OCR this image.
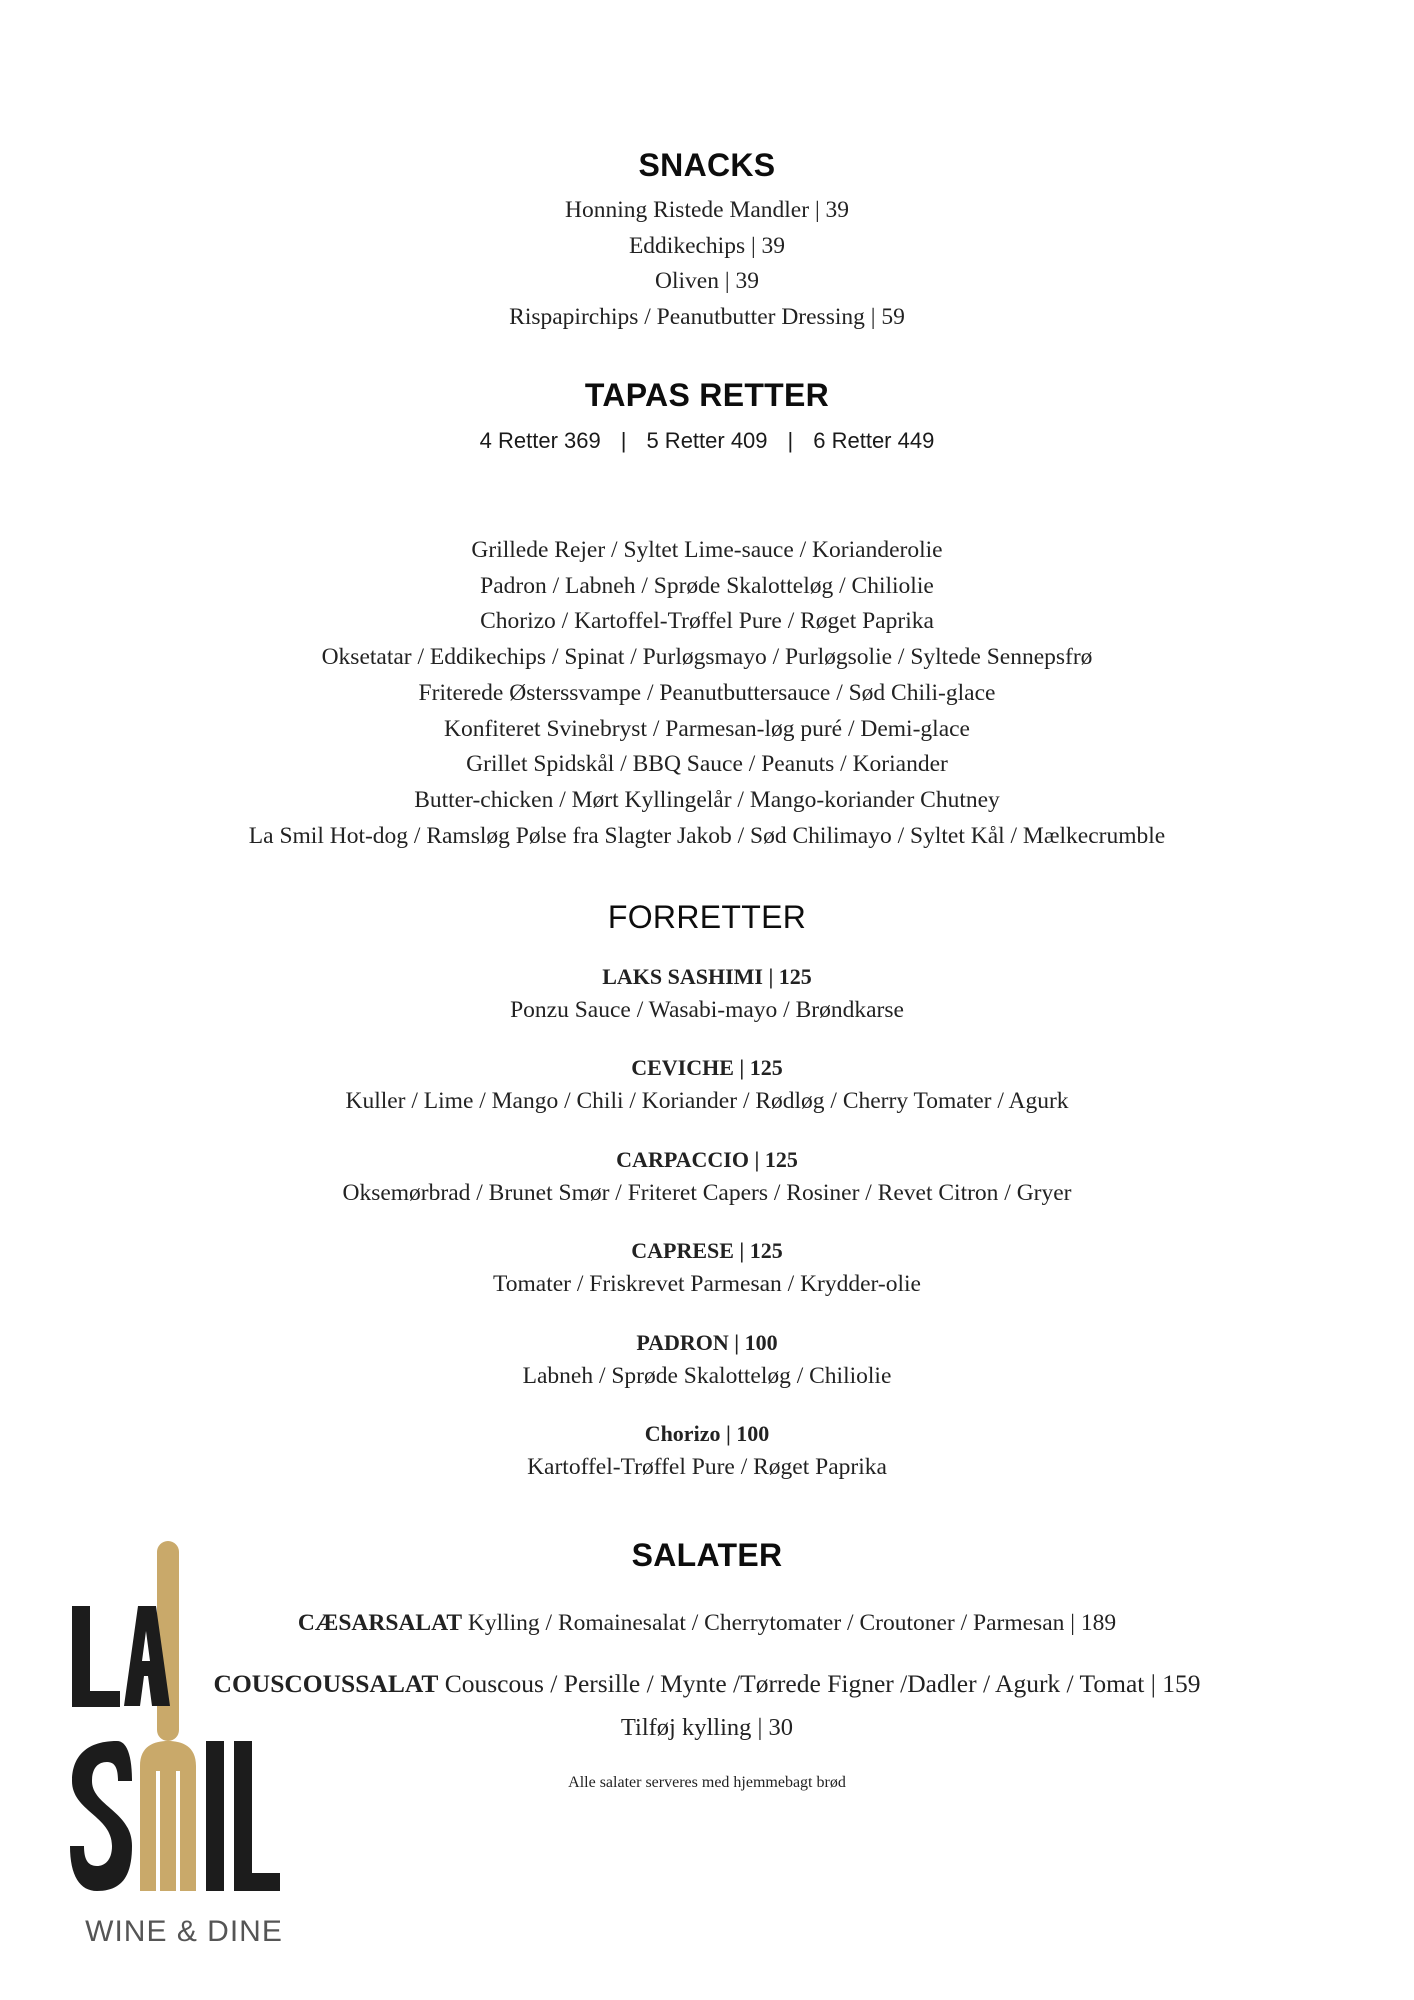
SNACKS
Honning Ristede Mandler | 39
Eddikechips | 39
Oliven | 39
Rispapirchips / Peanutbutter Dressing | 59
TAPAS RETTER
4 Retter 369 | 5 Retter 409 | 6 Retter 449
Grillede Rejer / Syltet Lime-sauce / Korianderolie
Padron / Labneh / Sprøde Skalotteløg / Chiliolie
Chorizo / Kartoffel-Trøffel Pure / Røget Paprika
Oksetatar / Eddikechips / Spinat / Purløgsmayo / Purløgsolie / Syltede Sennepsfrø
Friterede Østerssvampe / Peanutbuttersauce / Sød Chili-glace
Konfiteret Svinebryst / Parmesan-løg puré / Demi-glace
Grillet Spidskål / BBQ Sauce / Peanuts / Koriander
Butter-chicken / Mørt Kyllingelår / Mango-koriander Chutney
La Smil Hot-dog / Ramsløg Pølse fra Slagter Jakob / Sød Chilimayo / Syltet Kål / Mælkecrumble
FORRETTER
LAKS SASHIMI | 125
Ponzu Sauce / Wasabi-mayo / Brøndkarse
CEVICHE | 125
Kuller / Lime / Mango / Chili / Koriander / Rødløg / Cherry Tomater / Agurk
CARPACCIO | 125
Oksemørbrad / Brunet Smør / Friteret Capers / Rosiner / Revet Citron / Gryer
CAPRESE | 125
Tomater / Friskrevet Parmesan / Krydder-olie
PADRON | 100
Labneh / Sprøde Skalotteløg / Chiliolie
Chorizo | 100
Kartoffel-Trøffel Pure / Røget Paprika
SALATER
CÆSARSALAT Kylling / Romainesalat / Cherrytomater / Croutoner / Parmesan | 189
COUSCOUSSALAT Couscous / Persille / Mynte /Tørrede Figner /Dadler / Agurk / Tomat | 159
Tilføj kylling | 30
Alle salater serveres med hjemmebagt brød
WINE & DINE
